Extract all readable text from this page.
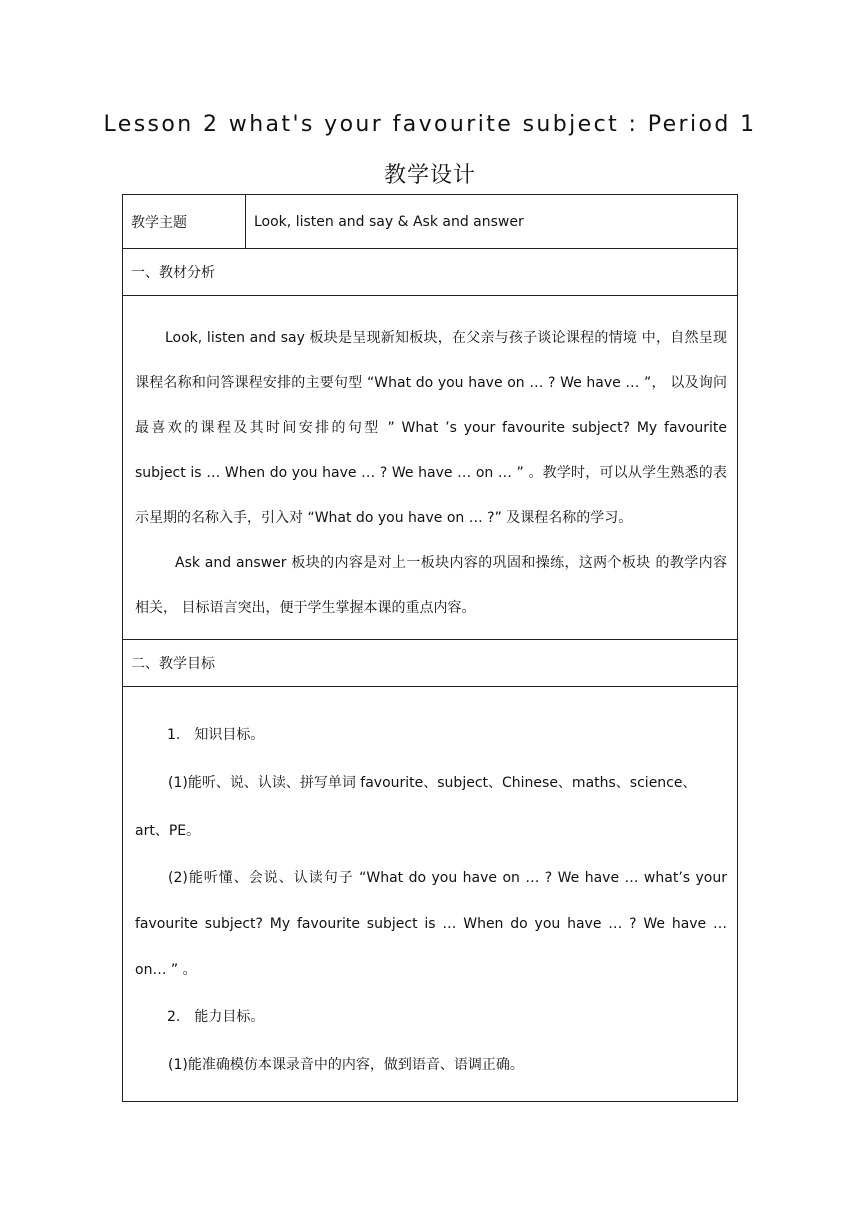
Lesson 2 what's your favourite subject : Period 1
教学设计
教学主题	Look, listen and say & Ask and answer
一、教材分析

Look, listen and say 板块是呈现新知板块，在父亲与孩子谈论课程的情境 中，自然呈现课程名称和问答课程安排的主要句型 “What do you have on … ? We have … ”， 以及询问最喜欢的课程及其时间安排的句型 ” What ’s your favourite subject? My favourite subject is … When do you have … ? We have … on … ” 。教学时，可以从学生熟悉的表示星期的名称入手，引入对 “What do you have on … ?” 及课程名称的学习。

Ask and answer 板块的内容是对上一板块内容的巩固和操练，这两个板块 的教学内容相关， 目标语言突出，便于学生掌握本课的重点内容。

二、教学目标

1.　知识目标。

(1)能听、说、认读、拼写单词 favourite、subject、Chinese、maths、science、 art、PE。

(2)能听懂、会说、认读句子 “What do you have on … ? We have … what’s your favourite subject? My favourite subject is … When do you have … ? We have … on… ” 。

2.　能力目标。

(1)能准确模仿本课录音中的内容，做到语音、语调正确。
